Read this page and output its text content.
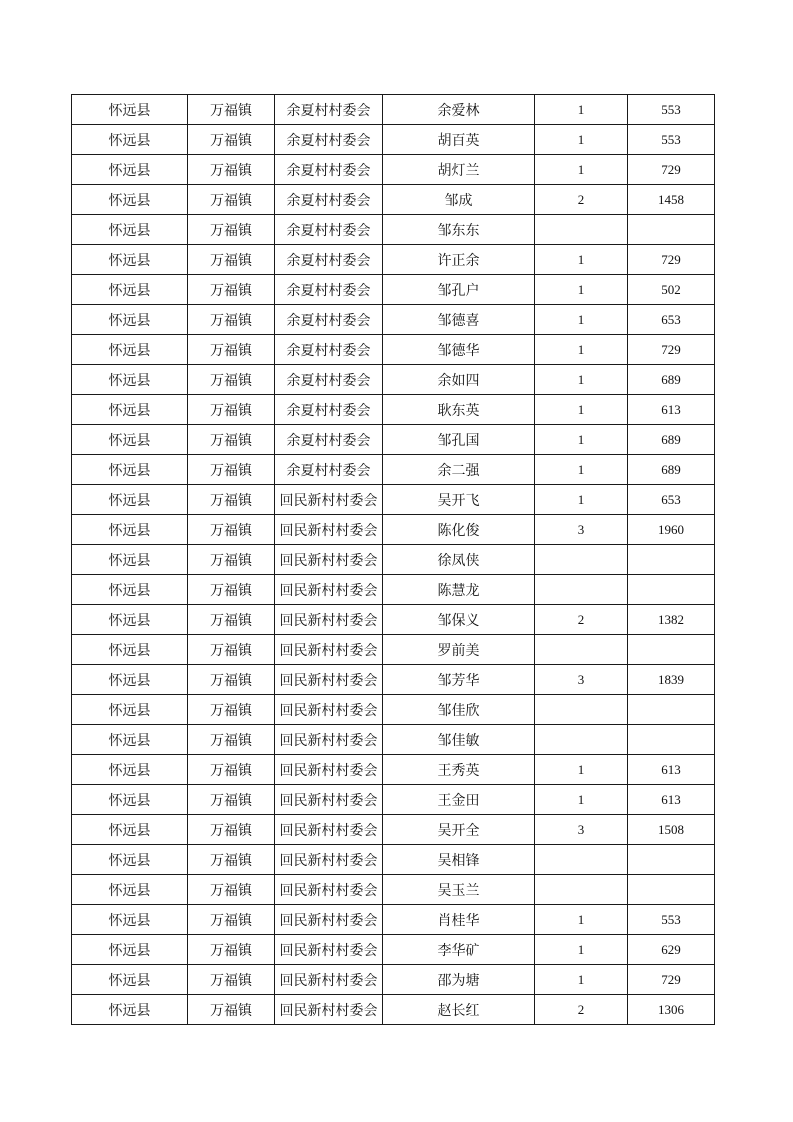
怀远县	万福镇	余夏村村委会	余爱林	1	553
怀远县	万福镇	余夏村村委会	胡百英	1	553
怀远县	万福镇	余夏村村委会	胡灯兰	1	729
怀远县	万福镇	余夏村村委会	邹成	2	1458
怀远县	万福镇	余夏村村委会	邹东东		
怀远县	万福镇	余夏村村委会	许正余	1	729
怀远县	万福镇	余夏村村委会	邹孔户	1	502
怀远县	万福镇	余夏村村委会	邹德喜	1	653
怀远县	万福镇	余夏村村委会	邹德华	1	729
怀远县	万福镇	余夏村村委会	余如四	1	689
怀远县	万福镇	余夏村村委会	耿东英	1	613
怀远县	万福镇	余夏村村委会	邹孔国	1	689
怀远县	万福镇	余夏村村委会	余二强	1	689
怀远县	万福镇	回民新村村委会	吴开飞	1	653
怀远县	万福镇	回民新村村委会	陈化俊	3	1960
怀远县	万福镇	回民新村村委会	徐凤侠		
怀远县	万福镇	回民新村村委会	陈慧龙		
怀远县	万福镇	回民新村村委会	邹保义	2	1382
怀远县	万福镇	回民新村村委会	罗前美		
怀远县	万福镇	回民新村村委会	邹芳华	3	1839
怀远县	万福镇	回民新村村委会	邹佳欣		
怀远县	万福镇	回民新村村委会	邹佳敏		
怀远县	万福镇	回民新村村委会	王秀英	1	613
怀远县	万福镇	回民新村村委会	王金田	1	613
怀远县	万福镇	回民新村村委会	吴开全	3	1508
怀远县	万福镇	回民新村村委会	吴相锋		
怀远县	万福镇	回民新村村委会	吴玉兰		
怀远县	万福镇	回民新村村委会	肖桂华	1	553
怀远县	万福镇	回民新村村委会	李华矿	1	629
怀远县	万福镇	回民新村村委会	邵为塘	1	729
怀远县	万福镇	回民新村村委会	赵长红	2	1306
